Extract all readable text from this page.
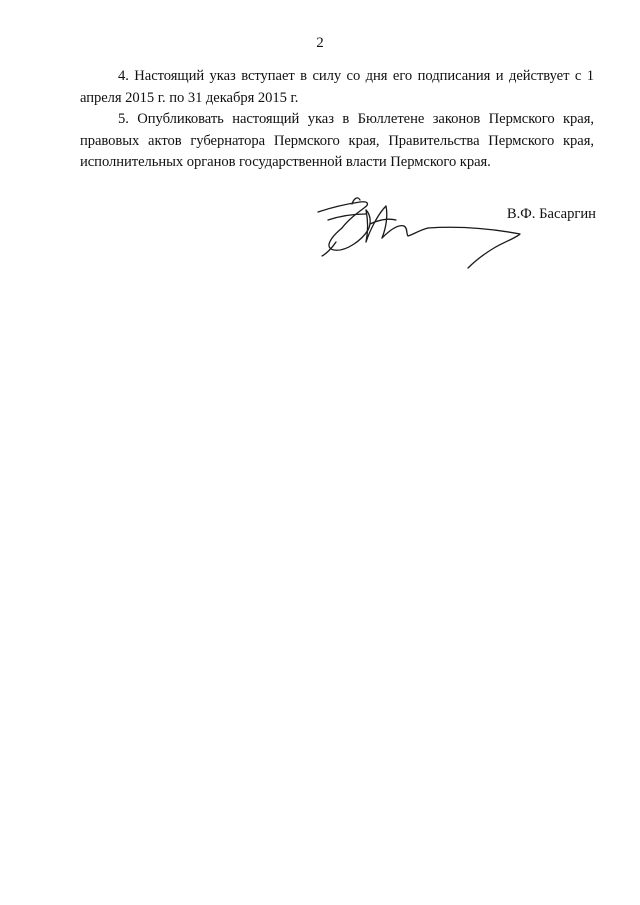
2

4. Настоящий указ вступает в силу со дня его подписания и действует с 1 апреля 2015 г. по 31 декабря 2015 г.

5. Опубликовать настоящий указ в Бюллетене законов Пермского края, правовых актов губернатора Пермского края, Правительства Пермского края, исполнительных органов государственной власти Пермского края.

В.Ф. Басаргин
